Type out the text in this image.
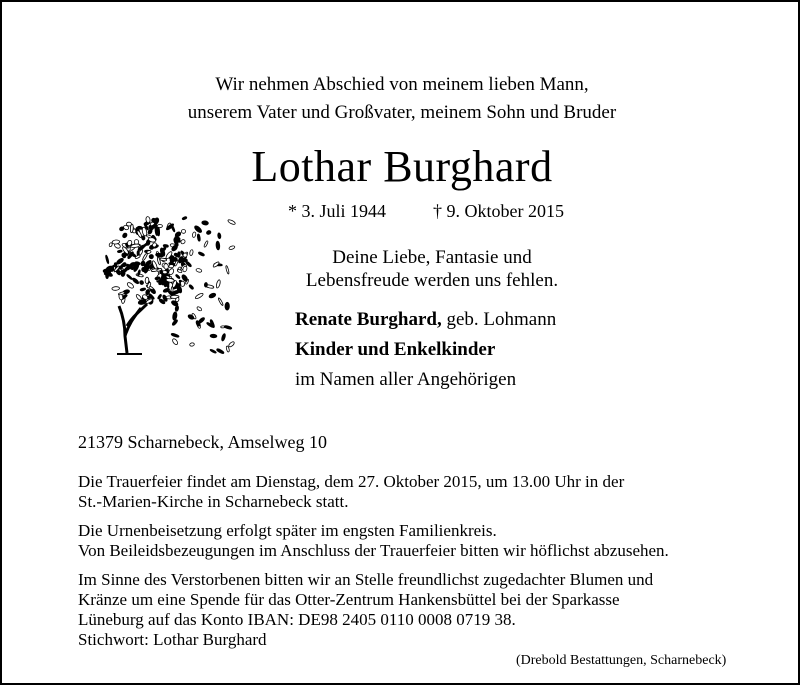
Wir nehmen Abschied von meinem lieben Mann,
unserem Vater und Großvater, meinem Sohn und Bruder
Lothar Burghard
* 3. Juli 1944	† 9. Oktober 2015
Deine Liebe, Fantasie und
Lebensfreude werden uns fehlen.
Renate Burghard, geb. Lohmann
Kinder und Enkelkinder
im Namen aller Angehörigen
21379 Scharnebeck, Amselweg 10
Die Trauerfeier findet am Dienstag, dem 27. Oktober 2015, um 13.00 Uhr in der
St.-Marien-Kirche in Scharnebeck statt.
Die Urnenbeisetzung erfolgt später im engsten Familienkreis.
Von Beileidsbezeugungen im Anschluss der Trauerfeier bitten wir höflichst abzusehen.
Im Sinne des Verstorbenen bitten wir an Stelle freundlichst zugedachter Blumen und
Kränze um eine Spende für das Otter-Zentrum Hankensbüttel bei der Sparkasse
Lüneburg auf das Konto IBAN: DE98 2405 0110 0008 0719 38.
Stichwort: Lothar Burghard
(Drebold Bestattungen, Scharnebeck)
